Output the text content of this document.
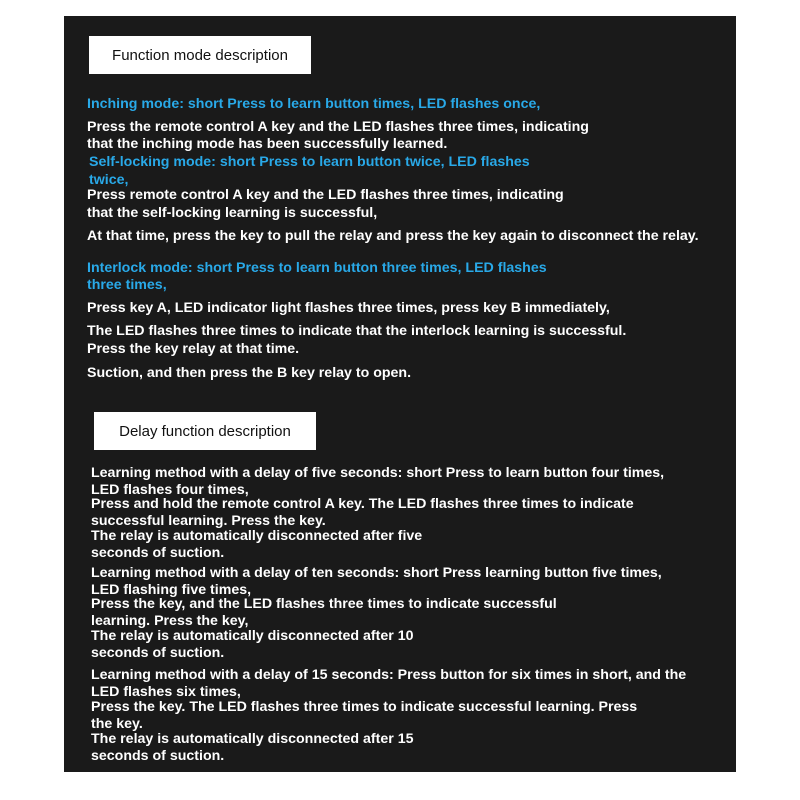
Function mode description
Inching mode: short Press to learn button times, LED flashes once,
Press the remote control A key and the LED flashes three times, indicating
that the inching mode has been successfully learned.
Self-locking mode: short Press to learn button twice, LED flashes
twice,
Press remote control A key and the LED flashes three times, indicating
that the self-locking learning is successful,
At that time, press the key to pull the relay and press the key again to disconnect the relay.
Interlock mode: short Press to learn button three times, LED flashes
three times,
Press key A, LED indicator light flashes three times, press key B immediately,
The LED flashes three times to indicate that the interlock learning is successful.
Press the key relay at that time.
Suction, and then press the B key relay to open.
Delay function description
Learning method with a delay of five seconds: short Press to learn button four times,
LED flashes four times,
Press and hold the remote control A key. The LED flashes three times to indicate
successful learning. Press the key.
The relay is automatically disconnected after five
seconds of suction.
Learning method with a delay of ten seconds: short Press learning button five times,
LED flashing five times,
Press the key, and the LED flashes three times to indicate successful
learning. Press the key,
The relay is automatically disconnected after 10
seconds of suction.
Learning method with a delay of 15 seconds: Press button for six times in short, and the
LED flashes six times,
Press the key. The LED flashes three times to indicate successful learning. Press
the key.
The relay is automatically disconnected after 15
seconds of suction.
